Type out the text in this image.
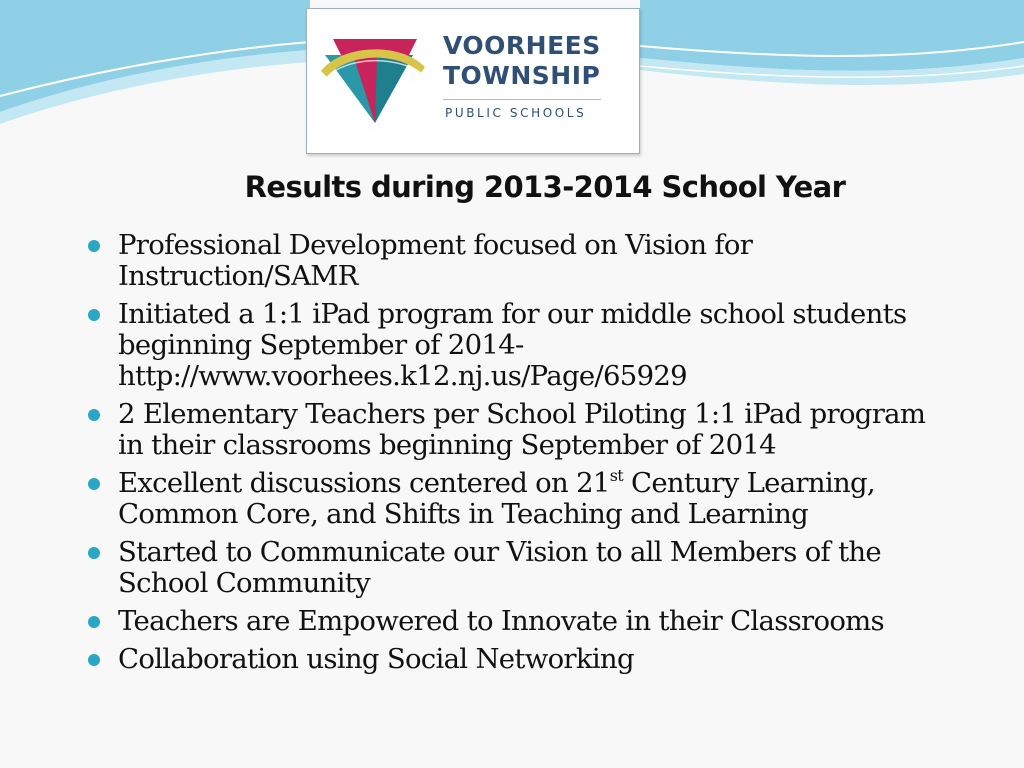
VOORHEES
TOWNSHIP
PUBLIC SCHOOLS
Results during 2013-2014 School Year
Professional Development focused on Vision for
Instruction/SAMR
Initiated a 1:1 iPad program for our middle school students
beginning September of 2014-
http://www.voorhees.k12.nj.us/Page/65929
2 Elementary Teachers per School Piloting 1:1 iPad program
in their classrooms beginning September of 2014
Excellent discussions centered on 21st Century Learning,
Common Core, and Shifts in Teaching and Learning
Started to Communicate our Vision to all Members of the
School Community
Teachers are Empowered to Innovate in their Classrooms
Collaboration using Social Networking
